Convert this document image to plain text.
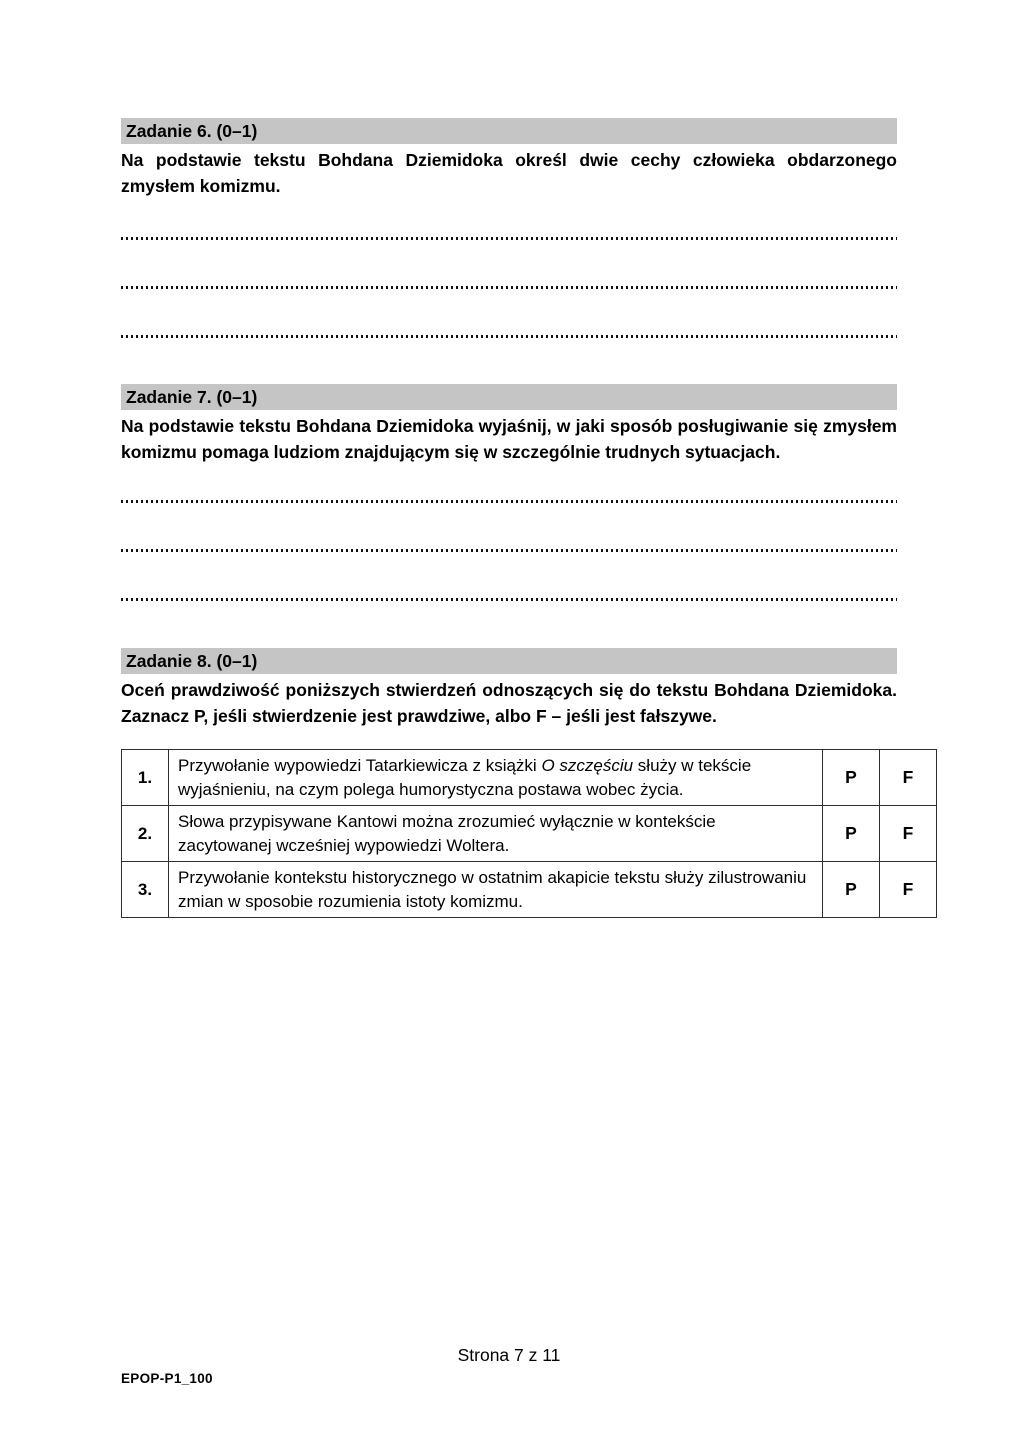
Zadanie 6. (0–1)
Na podstawie tekstu Bohdana Dziemidoka określ dwie cechy człowieka obdarzonego zmysłem komizmu.
Zadanie 7. (0–1)
Na podstawie tekstu Bohdana Dziemidoka wyjaśnij, w jaki sposób posługiwanie się zmysłem komizmu pomaga ludziom znajdującym się w szczególnie trudnych sytuacjach.
Zadanie 8. (0–1)
Oceń prawdziwość poniższych stwierdzeń odnoszących się do tekstu Bohdana Dziemidoka. Zaznacz P, jeśli stwierdzenie jest prawdziwe, albo F – jeśli jest fałszywe.
1.	Przywołanie wypowiedzi Tatarkiewicza z książki O szczęściu służy w tekście wyjaśnieniu, na czym polega humorystyczna postawa wobec życia.	P	F
2.	Słowa przypisywane Kantowi można zrozumieć wyłącznie w kontekście zacytowanej wcześniej wypowiedzi Woltera.	P	F
3.	Przywołanie kontekstu historycznego w ostatnim akapicie tekstu służy zilustrowaniu zmian w sposobie rozumienia istoty komizmu.	P	F
Strona 7 z 11
EPOP-P1_100
